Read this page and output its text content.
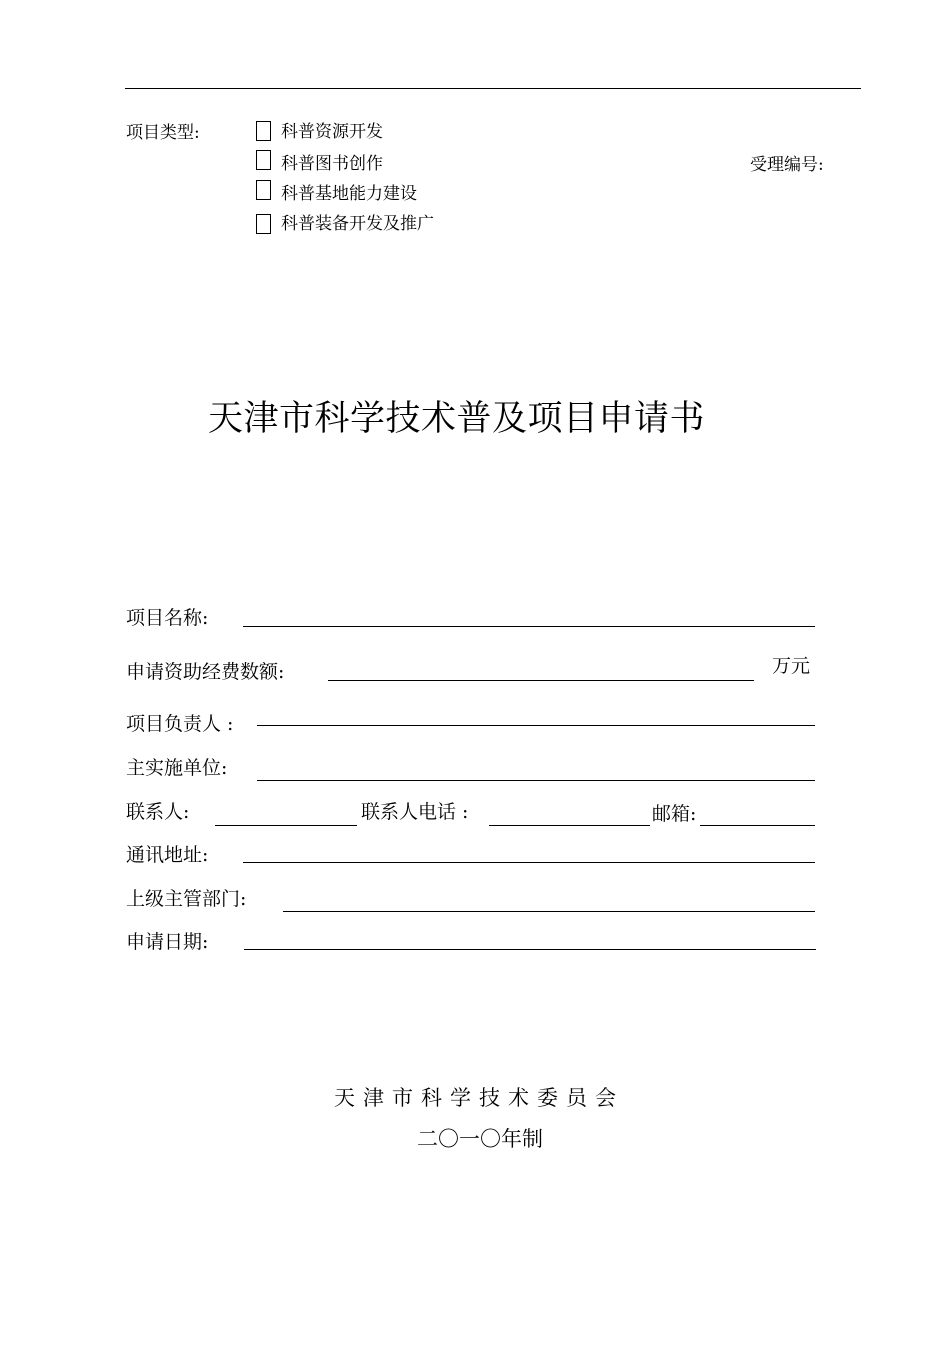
项目类型:	科普资源开发
科普图书创作
科普基地能力建设
科普装备开发及推广
受理编号:
天津市科学技术普及项目申请书
项目名称:
申请资助经费数额:	万元
项目负责人 :
主实施单位:
联系人:	联系人电话 :	邮箱:
通讯地址:
上级主管部门:
申请日期:
天津市科学技术委员会
二〇一〇年制
